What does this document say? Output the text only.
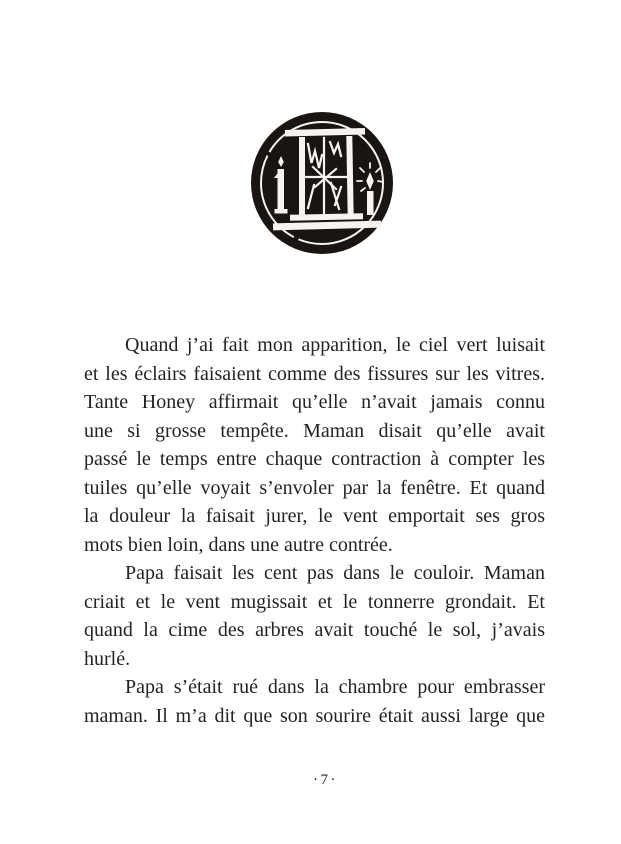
Quand j’ai fait mon apparition, le ciel vert luisait
et les éclairs faisaient comme des fissures sur les vitres.
Tante Honey affirmait qu’elle n’avait jamais connu
une si grosse tempête. Maman disait qu’elle avait
passé le temps entre chaque contraction à compter les
tuiles qu’elle voyait s’envoler par la fenêtre. Et quand
la douleur la faisait jurer, le vent emportait ses gros
mots bien loin, dans une autre contrée.
Papa faisait les cent pas dans le couloir. Maman
criait et le vent mugissait et le tonnerre grondait. Et
quand la cime des arbres avait touché le sol, j’avais
hurlé.
Papa s’était rué dans la chambre pour embrasser
maman. Il m’a dit que son sourire était aussi large que
·7·
